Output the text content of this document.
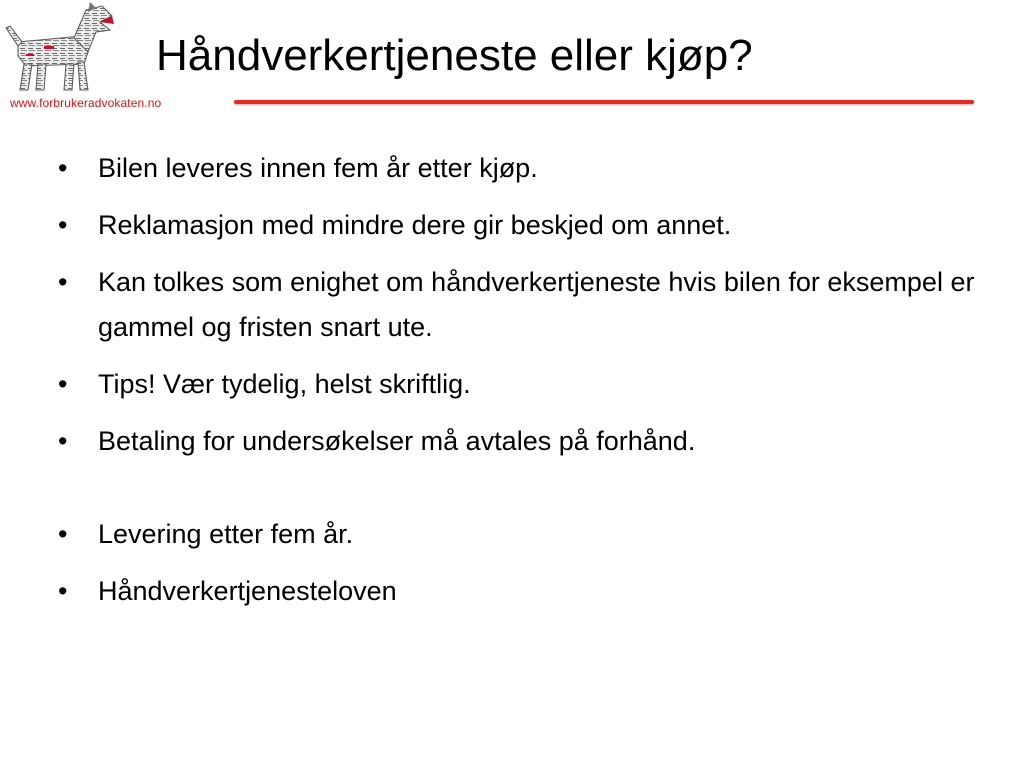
www.forbrukeradvokaten.no
Håndverkertjeneste eller kjøp?
• Bilen leveres innen fem år etter kjøp.
• Reklamasjon med mindre dere gir beskjed om annet.
• Kan tolkes som enighet om håndverkertjeneste hvis bilen for eksempel er gammel og fristen snart ute.
• Tips! Vær tydelig, helst skriftlig.
• Betaling for undersøkelser må avtales på forhånd.
• Levering etter fem år.
• Håndverkertjenesteloven
